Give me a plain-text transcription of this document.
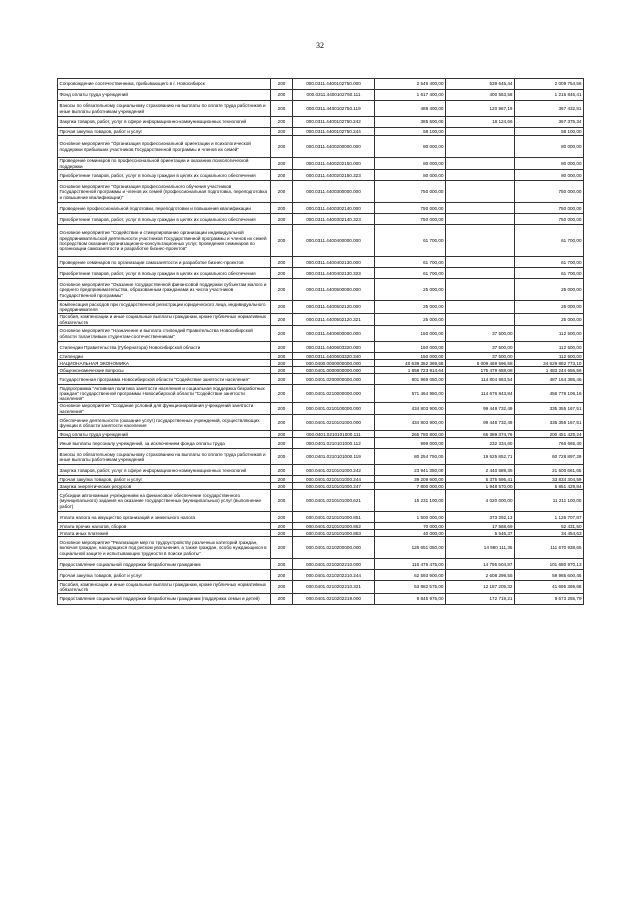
32
Сопровождение соотечественника, прибывающего в г. Новосибирск	200	000.0311.4400102750.000	2 549 400,00	539 645,44	2 009 754,56
Фонд оплаты труда учреждений	200	000.0311.4400102750.111	1 617 400,00	400 553,58	1 216 846,41
Взносы по обязательному социальному страхованию на выплаты по оплате труда работников и иные выплаты работникам учреждений	200	000.0311.4400102750.119	488 400,00	120 967,19	367 432,81
Закупка товаров, работ, услуг в сфере информационно-коммуникационных технологий	200	000.0311.4400102750.242	385 500,00	18 124,66	367 375,34
Прочая закупка товаров, работ и услуг	200	000.0311.4400102750.244	58 100,00		58 100,00
Основное мероприятие "Организация профессиональной ориентации и психологической поддержки прибывших участников Государственной программы и членов их семей"	200	000.0311.4400200000.000	80 000,00		80 000,00
Проведение семинаров по профессиональной ориентации и оказанию психологической поддержки	200	000.0311.4400202150.000	80 000,00		80 000,00
Приобретение товаров, работ, услуг в пользу граждан в целях их социального обеспечения	200	000.0311.4400202150.323	80 000,00		80 000,00
Основное мероприятие "Организация профессионального обучения участников Государственной программы и членов их семей (профессиональная подготовка, переподготовка и повышение квалификации)"	200	000.0311.4400300000.000	750 000,00		750 000,00
Проведение профессиональной подготовки, переподготовки и повышения квалификации	200	000.0311.4400302140.000	750 000,00		750 000,00
Приобретение товаров, работ, услуг в пользу граждан в целях их социального обеспечения	200	000.0311.4400302140.323	750 000,00		750 000,00
Основное мероприятие "Содействие и стимулирование организации индивидуальной предпринимательской деятельности участников Государственной программы и членов их семей посредством оказания организационно-консультационных услуг, проведения семинаров по организации самозанятости и разработке бизнес-проектов"	200	000.0311.4400400000.000	61 700,00		61 700,00
Проведение семинаров по организации самозанятости и разработке бизнес-проектов	200	000.0311.4400402130.000	61 700,00		61 700,00
Приобретение товаров, работ, услуг в пользу граждан в целях их социального обеспечения	200	000.0311.4400402130.323	61 700,00		61 700,00
Основное мероприятие "Оказание государственной финансовой поддержки субъектам малого и среднего предпринимательства, образованным гражданами из числа участников Государственной программы"	200	000.0311.4400500000.000	25 000,00		25 000,00
Компенсация расходов при государственной регистрации юридического лица, индивидуального предпринимателя	200	000.0311.4400502120.000	25 000,00		25 000,00
Пособия, компенсации и иные социальные выплаты гражданам, кроме публичных нормативных обязательств	200	000.0311.4400502120.321	25 000,00		25 000,00
Основное мероприятие "Назначение и выплата стипендий Правительства Новосибирской области талантливым студентам-соотечественникам"	200	000.0311.4400600000.000	150 000,00	37 500,00	112 500,00
Стипендии Правительства (Губернатора) Новосибирской области	200	000.0311.4400603320.000	150 000,00	37 500,00	112 500,00
Стипендии	200	000.0311.4400603320.340	150 000,00	37 500,00	112 500,00
НАЦИОНАЛЬНАЯ ЭКОНОМИКА	200	000.0400.0000000000.000	40 639 352 369,68	6 009 469 596,58	34 629 882 773,10
Общеэкономические вопросы	200	000.0401.0000000000.000	1 658 723 914,64	175 479 658,08	1 483 244 656,56
Государственная программа Новосибирской области "Содействие занятости населения"	200	000.0401.0200000000.000	601 969 050,00	114 804 663,54	487 164 386,46
Подпрограмма "Активная политика занятости населения и социальная поддержка безработных граждан" государственной программы Новосибирской области "Содействие занятости населения"	200	000.0401.0210000000.000	571 464 950,00	114 676 843,84	456 778 106,16
Основное мероприятие "Создание условий для функционирования учреждений занятости населения"	200	000.0401.0210100000.000	434 803 900,00	99 448 732,49	335 355 167,51
Обеспечение деятельности (оказание услуг) государственных учреждений, осуществляющих функции в области занятости населения	200	000.0401.0210101000.000	434 803 900,00	99 448 732,49	335 355 167,51
Фонд оплаты труда учреждений	200	000.0401.0210101000.111	265 780 800,00	65 389 374,76	200 451 425,24
Иные выплаты персоналу учреждений, за исключением фонда оплаты труда	200	000.0401.0210101000.112	999 000,00	232 334,60	766 665,40
Взносы по обязательному социальному страхованию на выплаты по оплате труда работников и иные выплаты работникам учреждений	200	000.0401.0210101000.119	80 254 750,00	19 525 852,71	60 728 897,29
Закупка товаров, работ, услуг в сфере информационно-коммуникационных технологий	200	000.0401.0210101000.242	23 941 350,00	2 440 689,35	21 500 661,65
Прочая закупка товаров, работ и услуг	200	000.0401.0210101000.244	39 209 900,00	5 375 595,41	33 834 304,59
Закупка энергетических ресурсов	200	000.0401.0210101000.247	7 800 000,00	1 948 570,00	5 851 429,84
Субсидии автономным учреждениям на финансовое обеспечение государственного (муниципального) задания на оказание государственных (муниципальных) услуг (выполнение работ)	200	000.0401.0210101000.621	15 231 100,00	4 020 000,00	11 211 100,00
Уплата налога на имущество организаций и земельного налога	200	000.0401.0210101000.851	1 500 000,00	373 292,13	1 126 707,87
Уплата прочих налогов, сборов	200	000.0401.0210101000.852	70 000,00	17 568,69	52 431,50
Уплата иных платежей	200	000.0401.0210101000.853	40 000,00	5 546,37	34 454,63
Основное мероприятие "Реализация мер по трудоустройству различных категорий граждан, включая граждан, находящихся под риском увольнения, а также граждан, особо нуждающихся в социальной защите и испытывающих трудности в поиске работы"	200	000.0401.0210200000.000	126 651 050,00	14 980 111,35	111 670 938,65
Предоставление социальной поддержки безработным гражданам	200	000.0401.0210202210.000	116 475 475,00	14 795 504,87	101 680 970,13
Прочая закупка товаров, работ и услуг	200	000.0401.0210202210.244	62 593 900,00	2 608 299,55	59 985 600,45
Пособия, компенсации и иные социальные выплаты гражданам, кроме публичных нормативных обязательств	200	000.0401.0210202210.321	53 882 575,00	12 187 205,32	41 695 369,68
Предоставление социальной поддержки безработным гражданам (поддержка семьи и детей)	200	000.0401.0210202219.000	9 845 975,00	172 719,21	9 673 255,79
